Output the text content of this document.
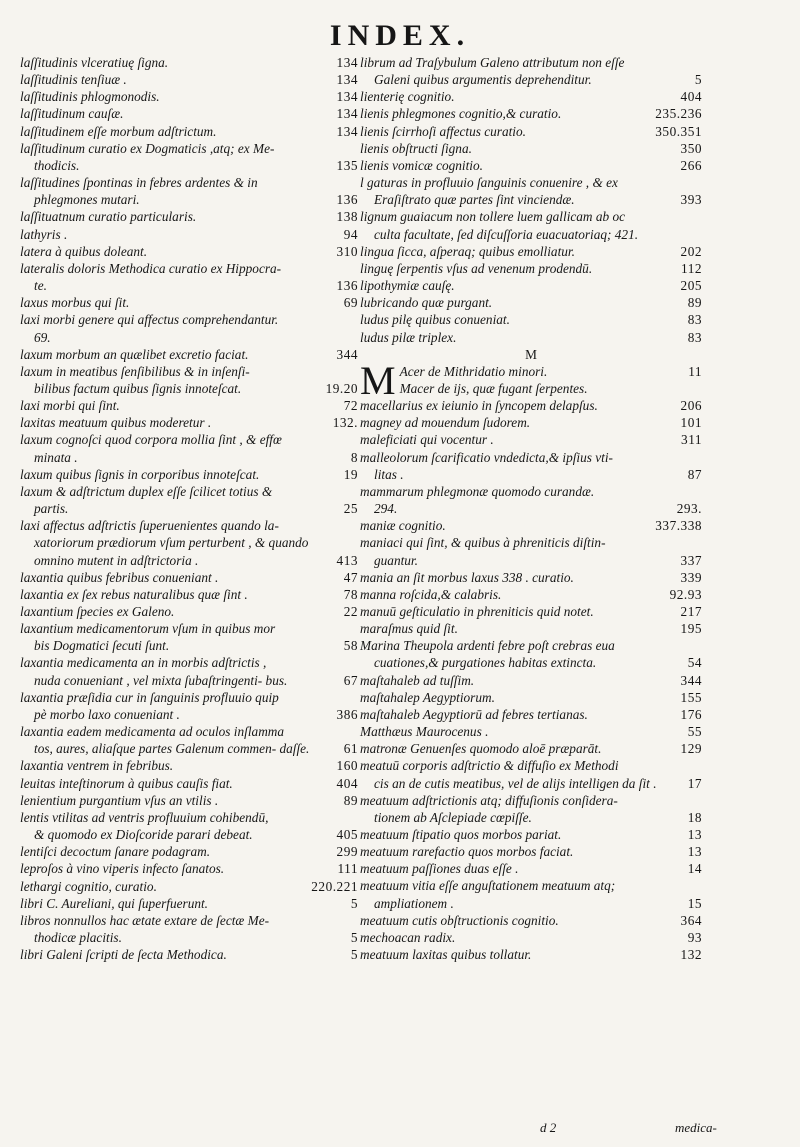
INDEX.
laſſitudinis vlceratiuę ſigna.	134
laſſitudinis tenſiuæ .	134
laſſitudinis phlogmonodis.	134
laſſitudinum cauſæ.	134
laſſitudinem eſſe morbum adſtrictum.	134
laſſitudinum curatio ex Dogmaticis ,atq; ex Me-
thodicis.	135
laſſitudines ſpontinas in febres ardentes & in
phlegmones mutari.	136
laſſituatnum curatio particularis.	138
lathyris .	94
latera à quibus doleant.	310
lateralis doloris Methodica curatio ex Hippocra-
te.	136
laxus morbus qui ſit.	69
laxi morbi genere qui affectus comprehendantur.
69.
laxum morbum an quælibet excretio faciat.	344
laxum in meatibus ſenſibilibus & in inſenſi-
bilibus factum quibus ſignis innoteſcat.	19.20
laxi morbi qui ſint.	72
laxitas meatuum quibus moderetur .	132.
laxum cognoſci quod corpora mollia ſint , & effœ
minata .	8
laxum quibus ſignis in corporibus innoteſcat.	19
laxum & adſtrictum duplex eſſe ſcilicet totius &
partis.	25
laxi affectus adſtrictis ſuperuenientes quando la-
xatoriorum prædiorum vſum perturbent , & quando omnino mutent in adſtrictoria .	413
laxantia quibus febribus conueniant .	47
laxantia ex ſex rebus naturalibus quæ ſint .	78
laxantium ſpecies ex Galeno.	22
laxantium medicamentorum vſum in quibus mor
bis Dogmatici ſecuti ſunt.	58
laxantia medicamenta an in morbis adſtrictis ,
nuda conueniant , vel mixta ſubaſtringenti- bus.	67
laxantia præſidia cur in ſanguinis profluuio quip
pè morbo laxo conueniant .	386
laxantia eadem medicamenta ad oculos inſlamma
tos, aures, aliaſque partes Galenum commen- daſſe.	61
laxantia ventrem in febribus.	160
leuitas inteſtinorum à quibus cauſis fiat.	404
lenientium purgantium vſus an vtilis .	89
lentis vtilitas ad ventris profluuium cohibendū,
& quomodo ex Dioſcoride parari debeat.	405
lentiſci decoctum ſanare podagram.	299
leproſos à vino viperis infecto ſanatos.	111
lethargi cognitio, curatio.	220.221
libri C. Aureliani, qui ſuperfuerunt.	5
libros nonnullos hac ætate extare de ſectæ Me-
thodicæ placitis.	5
libri Galeni ſcripti de ſecta Methodica.	5
librum ad Traſybulum Galeno attributum non eſſe
Galeni quibus argumentis deprehenditur.	5
lienterię cognitio.	404
lienis phlegmones cognitio,& curatio.	235.236
lienis ſcirrhoſi affectus curatio.	350.351
lienis obſtructi ſigna.	350
lienis vomicæ cognitio.	266
l gaturas in profluuio ſanguinis conuenire , & ex
Eraſiſtrato quæ partes ſint vinciendæ.	393
lignum guaiacum non tollere luem gallicam ab oc
culta facultate, ſed diſcuſſoria euacuatoriaq; 421.
lingua ſicca, aſperaq; quibus emolliatur.	202
linguę ſerpentis vſus ad venenum prodendū.	112
lipothymiæ cauſę.	205
lubricando quæ purgant.	89
ludus pilę quibus conueniat.	83
ludus pilæ triplex.	83
M
M Acer de Mithridatio minori.	11
Macer de ijs, quæ fugant ſerpentes.
macellarius ex ieiunio in ſyncopem delapſus.	206
magney ad mouendum ſudorem.	101
maleficiati qui vocentur .	311
malleolorum ſcarificatio vndedicta,& ipſius vti-
litas .	87
mammarum phlegmonæ quomodo curandæ.
294.	293.
maniæ cognitio.	337.338
maniaci qui ſint, & quibus à phreniticis diſtin-
guantur.	337
mania an ſit morbus laxus 338 . curatio.	339
manna roſcida,& calabris.	92.93
manuū geſticulatio in phreniticis quid notet.	217
maraſmus quid ſit.	195
Marina Theupola ardenti febre poſt crebras eua
cuationes,& purgationes habitas extincta.	54
maſtahaleb ad tuſſim.	344
maſtahalep Aegyptiorum.	155
maſtahaleb Aegyptiorū ad febres tertianas.	176
Matthæus Maurocenus .	55
matronæ Genuenſes quomodo aloē præparāt.	129
meatuū corporis adſtrictio & diffuſio ex Methodi
cis an de cutis meatibus, vel de alijs intelligen da ſit .	17
meatuum adſtrictionis atq; diffuſionis conſidera-
tionem ab Aſclepiade cœpiſſe.	18
meatuum ſtipatio quos morbos pariat.	13
meatuum rarefactio quos morbos faciat.	13
meatuum paſſiones duas eſſe .	14
meatuum vitia eſſe anguſtationem meatuum atq;
ampliationem .	15
meatuum cutis obſtructionis cognitio.	364
mechoacan radix.	93
meatuum laxitas quibus tollatur.	132
d 2	medica-
